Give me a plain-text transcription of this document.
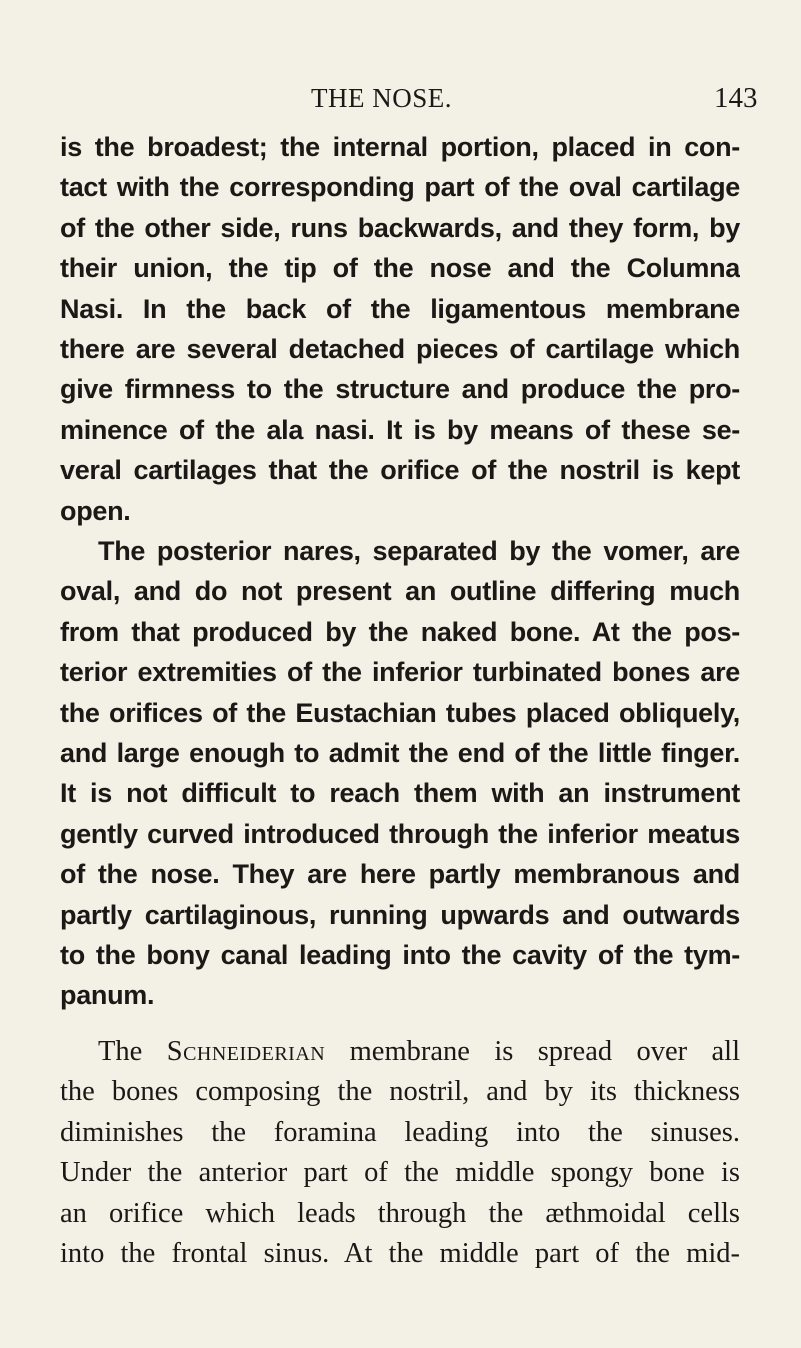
THE NOSE.	143
is the broadest; the internal portion, placed in con-
tact with the corresponding part of the oval cartilage
of the other side, runs backwards, and they form, by
their union, the tip of the nose and the Columna
Nasi. In the back of the ligamentous membrane
there are several detached pieces of cartilage which
give firmness to the structure and produce the pro-
minence of the ala nasi. It is by means of these se-
veral cartilages that the orifice of the nostril is kept
open.
The posterior nares, separated by the vomer, are
oval, and do not present an outline differing much
from that produced by the naked bone. At the pos-
terior extremities of the inferior turbinated bones are
the orifices of the Eustachian tubes placed obliquely,
and large enough to admit the end of the little finger.
It is not difficult to reach them with an instrument
gently curved introduced through the inferior meatus
of the nose. They are here partly membranous and
partly cartilaginous, running upwards and outwards
to the bony canal leading into the cavity of the tym-
panum.
The Schneiderian membrane is spread over all
the bones composing the nostril, and by its thickness
diminishes the foramina leading into the sinuses.
Under the anterior part of the middle spongy bone is
an orifice which leads through the æthmoidal cells
into the frontal sinus. At the middle part of the mid-
